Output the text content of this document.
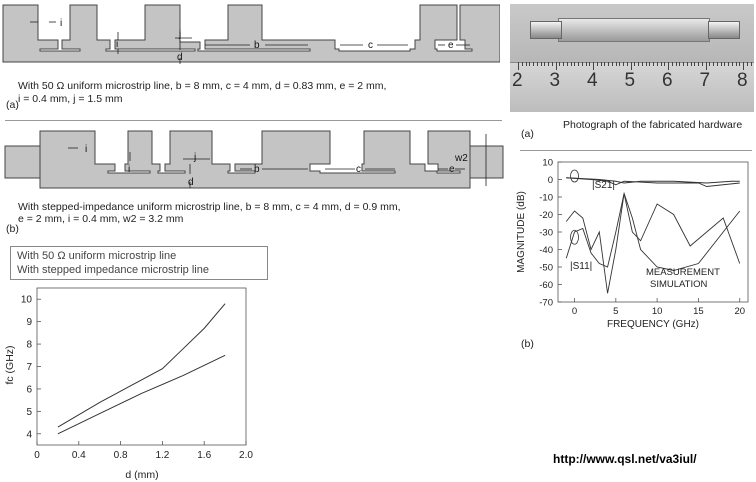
i
i
j
b	c
d
e
With 50 Ω uniform microstrip line, b = 8 mm, c = 4 mm, d = 0.83 mm, e = 2 mm,
i = 0.4 mm, j = 1.5 mm
(a)
i
i
j
b	c
d
e
w2
With stepped-impedance uniform microstrip line, b = 8 mm, c = 4 mm, d = 0.9 mm,
e = 2 mm, i = 0.4 mm, w2 = 3.2 mm
(b)
With 50 Ω uniform microstrip line
With stepped impedance microstrip line
0	0.4	0.8	1.2	1.6	2.0
4
5
6
7
8
9
10
d (mm)
fc (GHz)
2 3 4 5 6 7 8
(a)
Photograph of the fabricated hardware
0	5	10	15	20
10
0
-10
-20
-30
-40
-50
-60
-70
|S21|
|S11|
MEASUREMENT
SIMULATION
FREQUENCY (GHz)
MAGNITUDE (dB)
(b)
http://www.qsl.net/va3iul/
